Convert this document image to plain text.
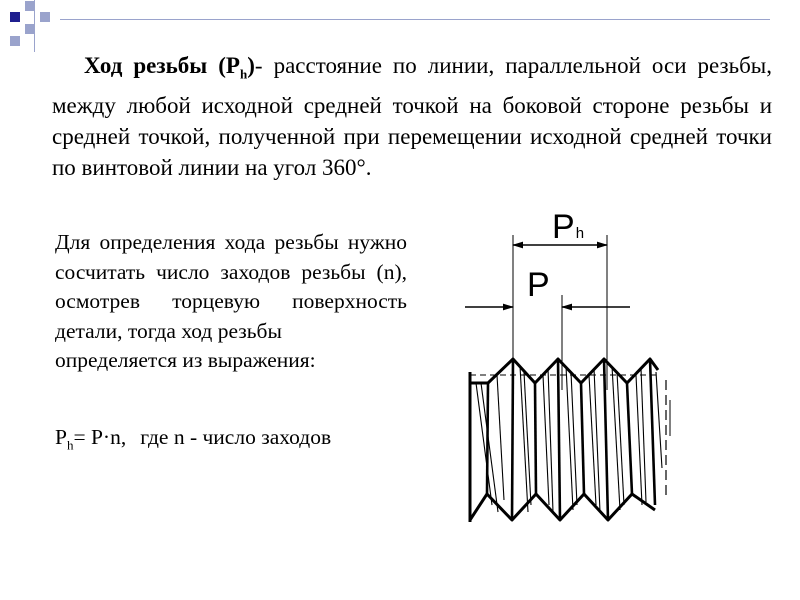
Ход резьбы $(P_h)-$ расстояние по линии, параллельной оси резьбы, между любой исходной средней точкой на боковой стороне резьбы и средней точкой, полученной при перемещении исходной средней точки по винтовой линии на угол 360°.
Для определения хода резьбы нужно сосчитать число заходов резьбы (n), осмотрев торцевую поверхность детали, тогда ход резьбы
определяется из выражения:
$P_h= P\cdot n$, где n - число заходов
Ph
P
